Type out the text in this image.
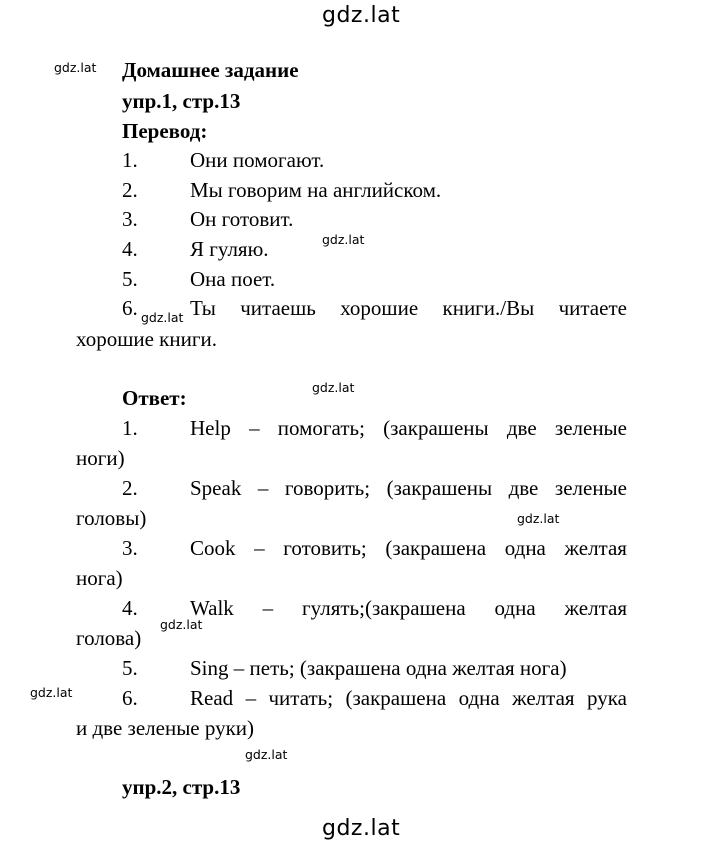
gdz.lat
gdz.lat
gdz.lat
gdz.lat
gdz.lat
gdz.lat
gdz.lat
gdz.lat
gdz.lat
gdz.lat
Домашнее задание
упр.1, стр.13
Перевод:
1. Они помогают.
2. Мы говорим на английском.
3. Он готовит.
4. Я гуляю.
5. Она поет.
6. Ты читаешь хорошие книги./Вы читаете
хорошие книги.
Ответ:
1. Help – помогать; (закрашены две зеленые
ноги)
2. Speak – говорить; (закрашены две зеленые
головы)
3. Cook – готовить; (закрашена одна желтая
нога)
4. Walk – гулять;(закрашена одна желтая
голова)
5. Sing – петь; (закрашена одна желтая нога)
6. Read – читать; (закрашена одна желтая рука
и две зеленые руки)
упр.2, стр.13
